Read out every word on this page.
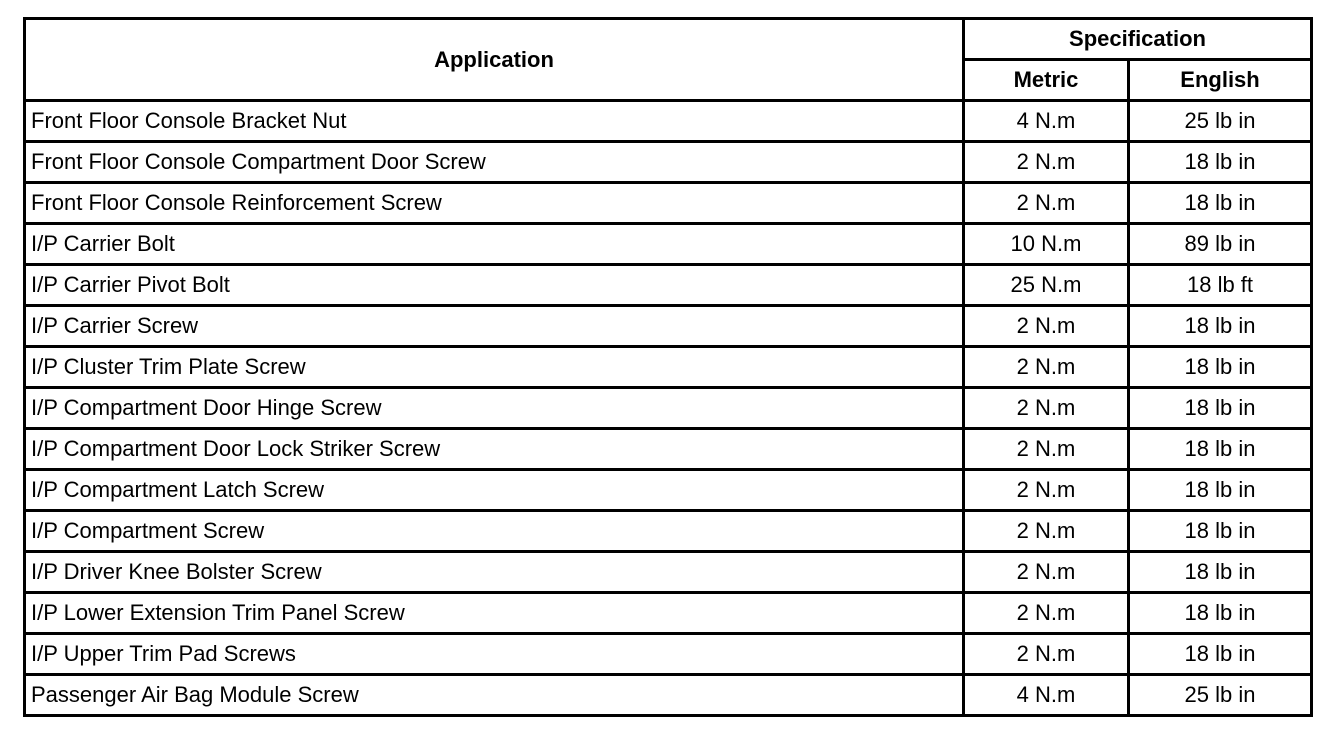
Application	Specification	
	Metric	English
Front Floor Console Bracket Nut	4 N.m	25 lb in
Front Floor Console Compartment Door Screw	2 N.m	18 lb in
Front Floor Console Reinforcement Screw	2 N.m	18 lb in
I/P Carrier Bolt	10 N.m	89 lb in
I/P Carrier Pivot Bolt	25 N.m	18 lb ft
I/P Carrier Screw	2 N.m	18 lb in
I/P Cluster Trim Plate Screw	2 N.m	18 lb in
I/P Compartment Door Hinge Screw	2 N.m	18 lb in
I/P Compartment Door Lock Striker Screw	2 N.m	18 lb in
I/P Compartment Latch Screw	2 N.m	18 lb in
I/P Compartment Screw	2 N.m	18 lb in
I/P Driver Knee Bolster Screw	2 N.m	18 lb in
I/P Lower Extension Trim Panel Screw	2 N.m	18 lb in
I/P Upper Trim Pad Screws	2 N.m	18 lb in
Passenger Air Bag Module Screw	4 N.m	25 lb in
